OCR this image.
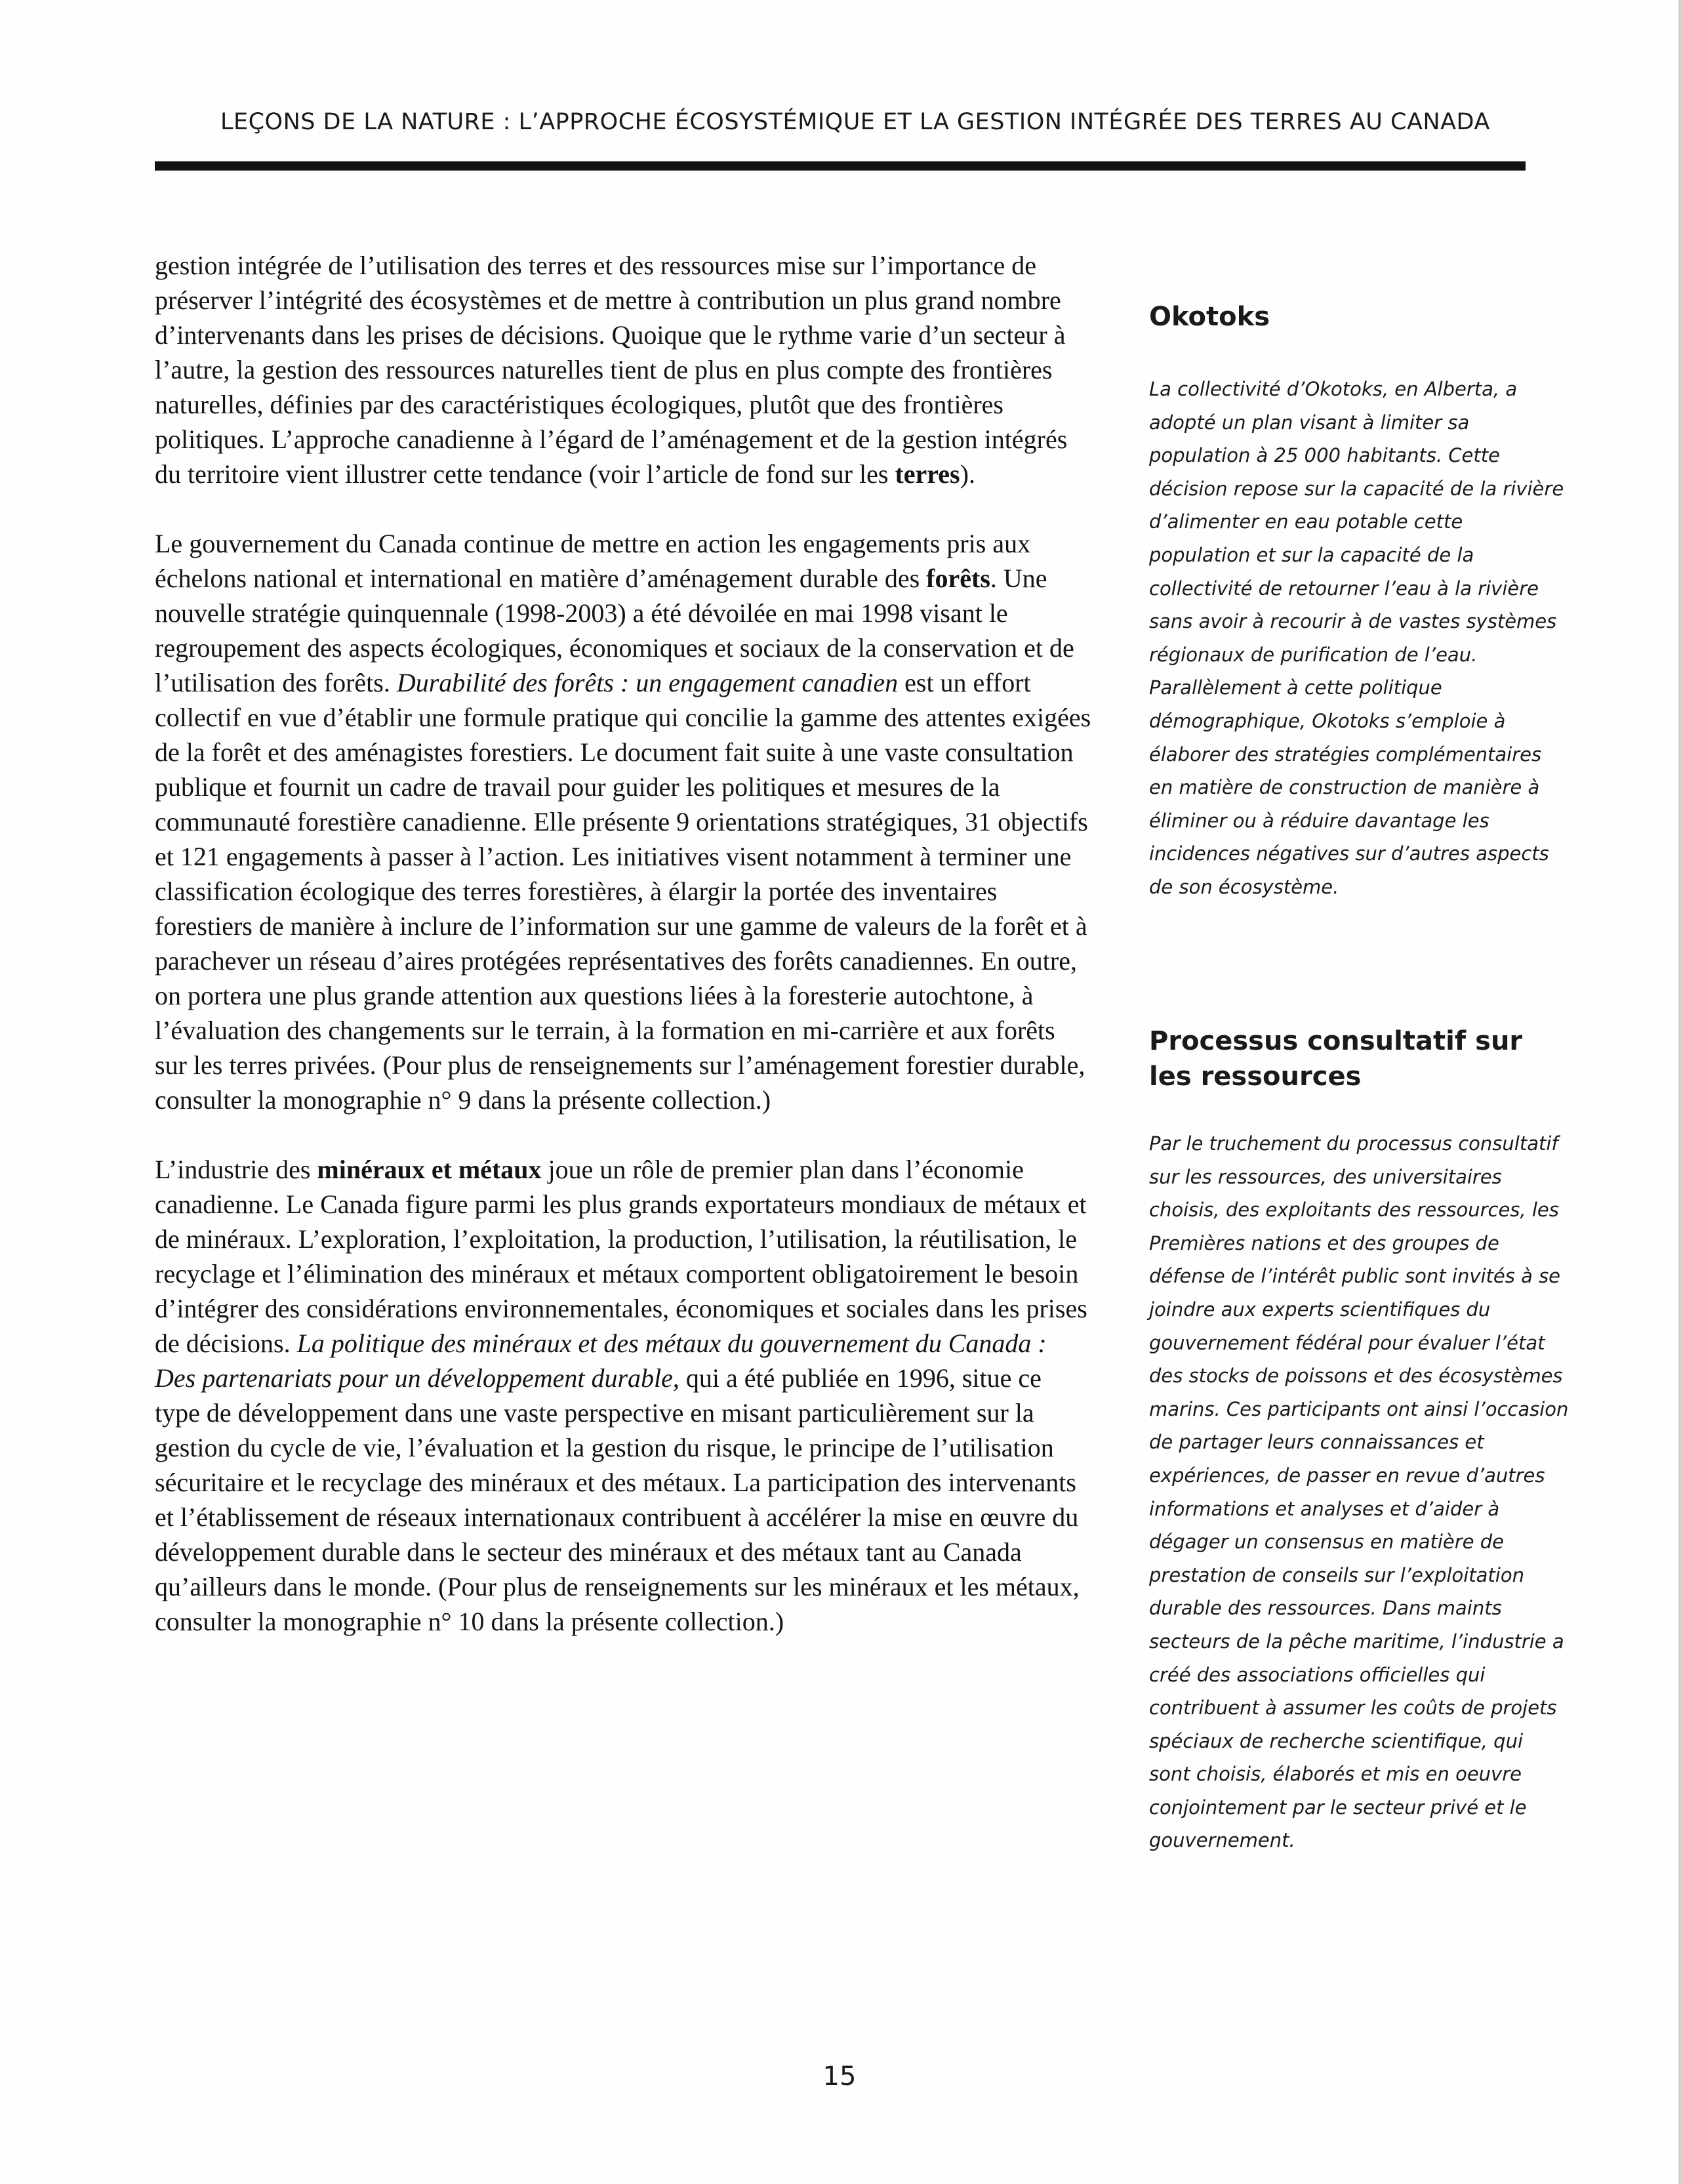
LEÇONS DE LA NATURE : L’APPROCHE ÉCOSYSTÉMIQUE ET LA GESTION INTÉGRÉE DES TERRES AU CANADA

gestion intégrée de l’utilisation des terres et des ressources mise sur l’importance de préserver l’intégrité des écosystèmes et de mettre à contribution un plus grand nombre d’intervenants dans les prises de décisions. Quoique que le rythme varie d’un secteur à l’autre, la gestion des ressources naturelles tient de plus en plus compte des frontières naturelles, définies par des caractéristiques écologiques, plutôt que des frontières politiques. L’approche canadienne à l’égard de l’aménagement et de la gestion intégrés du territoire vient illustrer cette tendance (voir l’article de fond sur les terres).

Le gouvernement du Canada continue de mettre en action les engagements pris aux échelons national et international en matière d’aménagement durable des forêts. Une nouvelle stratégie quinquennale (1998-2003) a été dévoilée en mai 1998 visant le regroupement des aspects écologiques, économiques et sociaux de la conservation et de l’utilisation des forêts. Durabilité des forêts : un engagement canadien est un effort collectif en vue d’établir une formule pratique qui concilie la gamme des attentes exigées de la forêt et des aménagistes forestiers. Le document fait suite à une vaste consultation publique et fournit un cadre de travail pour guider les politiques et mesures de la communauté forestière canadienne. Elle présente 9 orientations stratégiques, 31 objectifs et 121 engagements à passer à l’action. Les initiatives visent notamment à terminer une classification écologique des terres forestières, à élargir la portée des inventaires forestiers de manière à inclure de l’information sur une gamme de valeurs de la forêt et à parachever un réseau d’aires protégées représentatives des forêts canadiennes. En outre, on portera une plus grande attention aux questions liées à la foresterie autochtone, à l’évaluation des changements sur le terrain, à la formation en mi-carrière et aux forêts sur les terres privées. (Pour plus de renseignements sur l’aménagement forestier durable, consulter la monographie n° 9 dans la présente collection.)

L’industrie des minéraux et métaux joue un rôle de premier plan dans l’économie canadienne. Le Canada figure parmi les plus grands exportateurs mondiaux de métaux et de minéraux. L’exploration, l’exploitation, la production, l’utilisation, la réutilisation, le recyclage et l’élimination des minéraux et métaux comportent obligatoirement le besoin d’intégrer des considérations environnementales, économiques et sociales dans les prises de décisions. La politique des minéraux et des métaux du gouvernement du Canada : Des partenariats pour un développement durable, qui a été publiée en 1996, situe ce type de développement dans une vaste perspective en misant particulièrement sur la gestion du cycle de vie, l’évaluation et la gestion du risque, le principe de l’utilisation sécuritaire et le recyclage des minéraux et des métaux. La participation des intervenants et l’établissement de réseaux internationaux contribuent à accélérer la mise en œuvre du développement durable dans le secteur des minéraux et des métaux tant au Canada qu’ailleurs dans le monde. (Pour plus de renseignements sur les minéraux et les métaux, consulter la monographie n° 10 dans la présente collection.)

Okotoks
La collectivité d’Okotoks, en Alberta, a adopté un plan visant à limiter sa population à 25 000 habitants. Cette décision repose sur la capacité de la rivière d’alimenter en eau potable cette population et sur la capacité de la collectivité de retourner l’eau à la rivière sans avoir à recourir à de vastes systèmes régionaux de purification de l’eau. Parallèlement à cette politique démographique, Okotoks s’emploie à élaborer des stratégies complémentaires en matière de construction de manière à éliminer ou à réduire davantage les incidences négatives sur d’autres aspects de son écosystème.
Processus consultatif sur les ressources
Par le truchement du processus consultatif sur les ressources, des universitaires choisis, des exploitants des ressources, les Premières nations et des groupes de défense de l’intérêt public sont invités à se joindre aux experts scientifiques du gouvernement fédéral pour évaluer l’état des stocks de poissons et des écosystèmes marins. Ces participants ont ainsi l’occasion de partager leurs connaissances et expériences, de passer en revue d’autres informations et analyses et d’aider à dégager un consensus en matière de prestation de conseils sur l’exploitation durable des ressources. Dans maints secteurs de la pêche maritime, l’industrie a créé des associations officielles qui contribuent à assumer les coûts de projets spéciaux de recherche scientifique, qui sont choisis, élaborés et mis en oeuvre conjointement par le secteur privé et le gouvernement.
15
